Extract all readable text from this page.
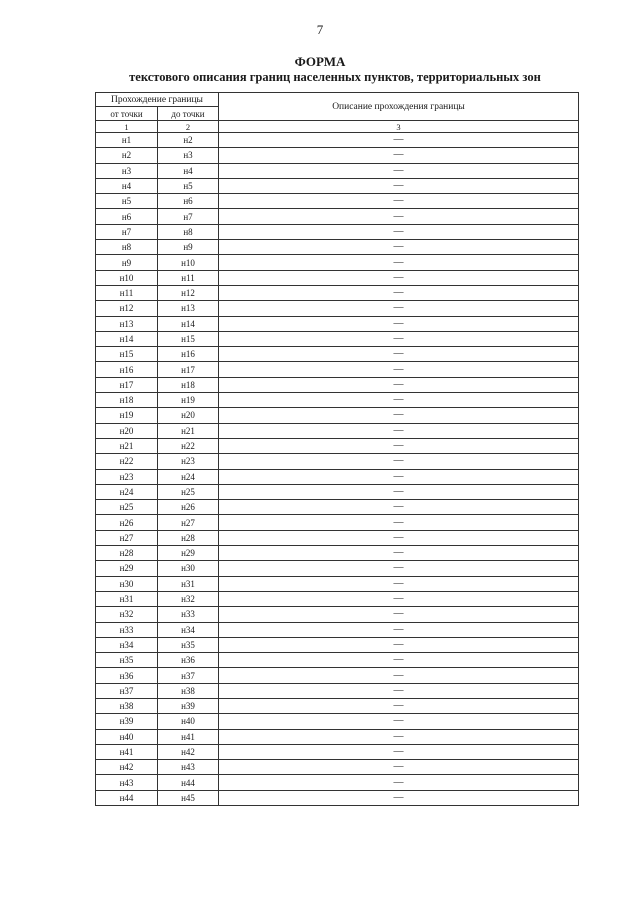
7
ФОРМА
текстового описания границ населенных пунктов, территориальных зон
Прохождение границы		Описание прохождения границы
от точки	до точки	
1	2	3
н1	н2	—
н2	н3	—
н3	н4	—
н4	н5	—
н5	н6	—
н6	н7	—
н7	н8	—
н8	н9	—
н9	н10	—
н10	н11	—
н11	н12	—
н12	н13	—
н13	н14	—
н14	н15	—
н15	н16	—
н16	н17	—
н17	н18	—
н18	н19	—
н19	н20	—
н20	н21	—
н21	н22	—
н22	н23	—
н23	н24	—
н24	н25	—
н25	н26	—
н26	н27	—
н27	н28	—
н28	н29	—
н29	н30	—
н30	н31	—
н31	н32	—
н32	н33	—
н33	н34	—
н34	н35	—
н35	н36	—
н36	н37	—
н37	н38	—
н38	н39	—
н39	н40	—
н40	н41	—
н41	н42	—
н42	н43	—
н43	н44	—
н44	н45	—
